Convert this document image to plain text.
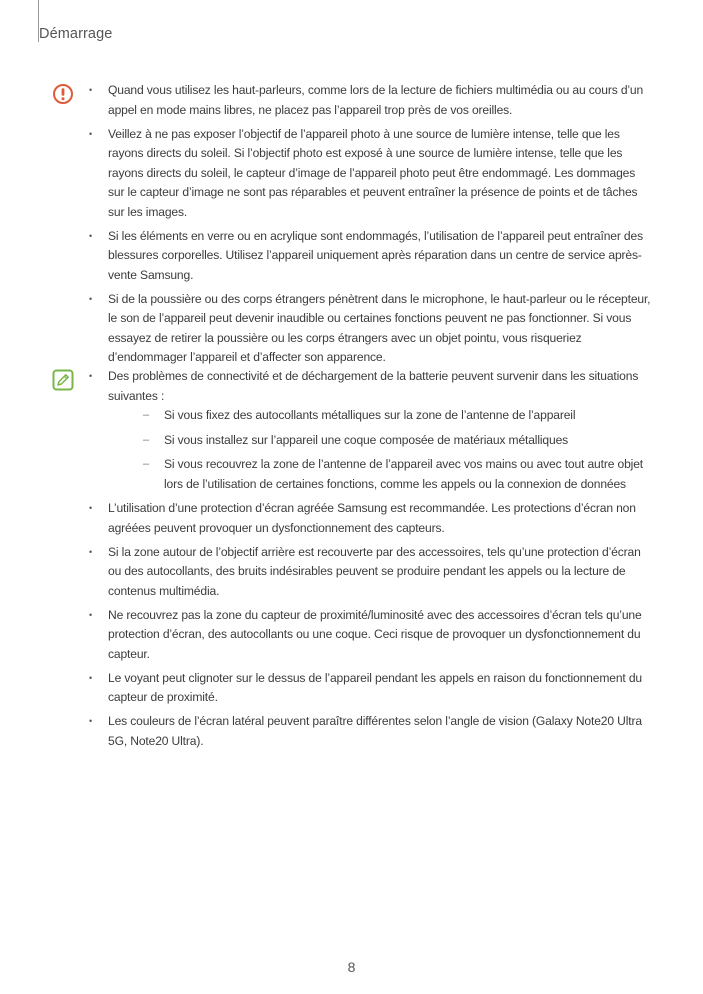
Démarrage
• Quand vous utilisez les haut-parleurs, comme lors de la lecture de fichiers multimédia ou au cours d’un appel en mode mains libres, ne placez pas l’appareil trop près de vos oreilles.
• Veillez à ne pas exposer l’objectif de l’appareil photo à une source de lumière intense, telle que les rayons directs du soleil. Si l’objectif photo est exposé à une source de lumière intense, telle que les rayons directs du soleil, le capteur d’image de l’appareil photo peut être endommagé. Les dommages sur le capteur d’image ne sont pas réparables et peuvent entraîner la présence de points et de tâches sur les images.
• Si les éléments en verre ou en acrylique sont endommagés, l’utilisation de l’appareil peut entraîner des blessures corporelles. Utilisez l’appareil uniquement après réparation dans un centre de service après-vente Samsung.
• Si de la poussière ou des corps étrangers pénètrent dans le microphone, le haut-parleur ou le récepteur, le son de l’appareil peut devenir inaudible ou certaines fonctions peuvent ne pas fonctionner. Si vous essayez de retirer la poussière ou les corps étrangers avec un objet pointu, vous risqueriez d’endommager l’appareil et d’affecter son apparence.
• Des problèmes de connectivité et de déchargement de la batterie peuvent survenir dans les situations suivantes :
– Si vous fixez des autocollants métalliques sur la zone de l’antenne de l’appareil
– Si vous installez sur l’appareil une coque composée de matériaux métalliques
– Si vous recouvrez la zone de l’antenne de l’appareil avec vos mains ou avec tout autre objet lors de l’utilisation de certaines fonctions, comme les appels ou la connexion de données
• L’utilisation d’une protection d’écran agréée Samsung est recommandée. Les protections d’écran non agréées peuvent provoquer un dysfonctionnement des capteurs.
• Si la zone autour de l’objectif arrière est recouverte par des accessoires, tels qu’une protection d’écran ou des autocollants, des bruits indésirables peuvent se produire pendant les appels ou la lecture de contenus multimédia.
• Ne recouvrez pas la zone du capteur de proximité/luminosité avec des accessoires d’écran tels qu’une protection d’écran, des autocollants ou une coque. Ceci risque de provoquer un dysfonctionnement du capteur.
• Le voyant peut clignoter sur le dessus de l’appareil pendant les appels en raison du fonctionnement du capteur de proximité.
• Les couleurs de l’écran latéral peuvent paraître différentes selon l’angle de vision (Galaxy Note20 Ultra 5G, Note20 Ultra).
8
